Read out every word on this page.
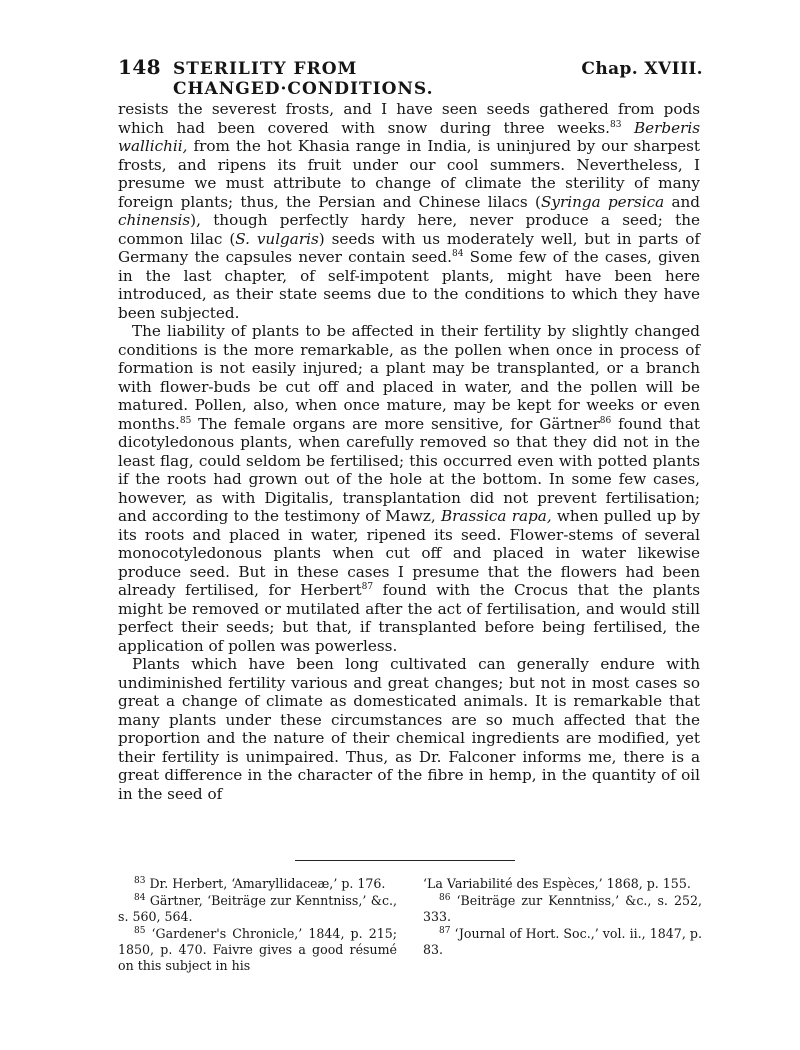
148 STERILITY FROM CHANGED·CONDITIONS.
Chap. XVIII.

resists the severest frosts, and I have seen seeds gathered from pods which had been covered with snow during three weeks.$^{83}$ Berberis wallichii, from the hot Khasia range in India, is uninjured by our sharpest frosts, and ripens its fruit under our cool summers. Nevertheless, I presume we must attribute to change of climate the sterility of many foreign plants; thus, the Persian and Chinese lilacs (Syringa persica and chinensis), though perfectly hardy here, never produce a seed; the common lilac (S. vulgaris) seeds with us moderately well, but in parts of Germany the capsules never contain seed.$^{84}$ Some few of the cases, given in the last chapter, of self-impotent plants, might have been here introduced, as their state seems due to the conditions to which they have been subjected.

The liability of plants to be affected in their fertility by slightly changed conditions is the more remarkable, as the pollen when once in process of formation is not easily injured; a plant may be transplanted, or a branch with flower-buds be cut off and placed in water, and the pollen will be matured. Pollen, also, when once mature, may be kept for weeks or even months.$^{85}$ The female organs are more sensitive, for Gärtner$^{86}$ found that dicotyledonous plants, when carefully removed so that they did not in the least flag, could seldom be fertilised; this occurred even with potted plants if the roots had grown out of the hole at the bottom. In some few cases, however, as with Digitalis, transplantation did not prevent fertilisation; and according to the testimony of Mawz, Brassica rapa, when pulled up by its roots and placed in water, ripened its seed. Flower-stems of several monocotyledonous plants when cut off and placed in water likewise produce seed. But in these cases I presume that the flowers had been already fertilised, for Herbert$^{87}$ found with the Crocus that the plants might be removed or mutilated after the act of fertilisation, and would still perfect their seeds; but that, if transplanted before being fertilised, the application of pollen was powerless.

Plants which have been long cultivated can generally endure with undiminished fertility various and great changes; but not in most cases so great a change of climate as domesticated animals. It is remarkable that many plants under these circumstances are so much affected that the proportion and the nature of their chemical ingredients are modified, yet their fertility is unimpaired. Thus, as Dr. Falconer informs me, there is a great difference in the character of the fibre in hemp, in the quantity of oil in the seed of

$^{83}$ Dr. Herbert, ‘Amaryllidaceæ,’ p. 176.

$^{84}$ Gärtner, ‘Beiträge zur Kenntniss,’ &c., s. 560, 564.

$^{85}$ ‘Gardener's Chronicle,’ 1844, p. 215; 1850, p. 470. Faivre gives a good résumé on this subject in his

‘La Variabilité des Espèces,’ 1868, p. 155.

$^{86}$ ‘Beiträge zur Kenntniss,’ &c., s. 252, 333.

$^{87}$ ‘Journal of Hort. Soc.,’ vol. ii., 1847, p. 83.
